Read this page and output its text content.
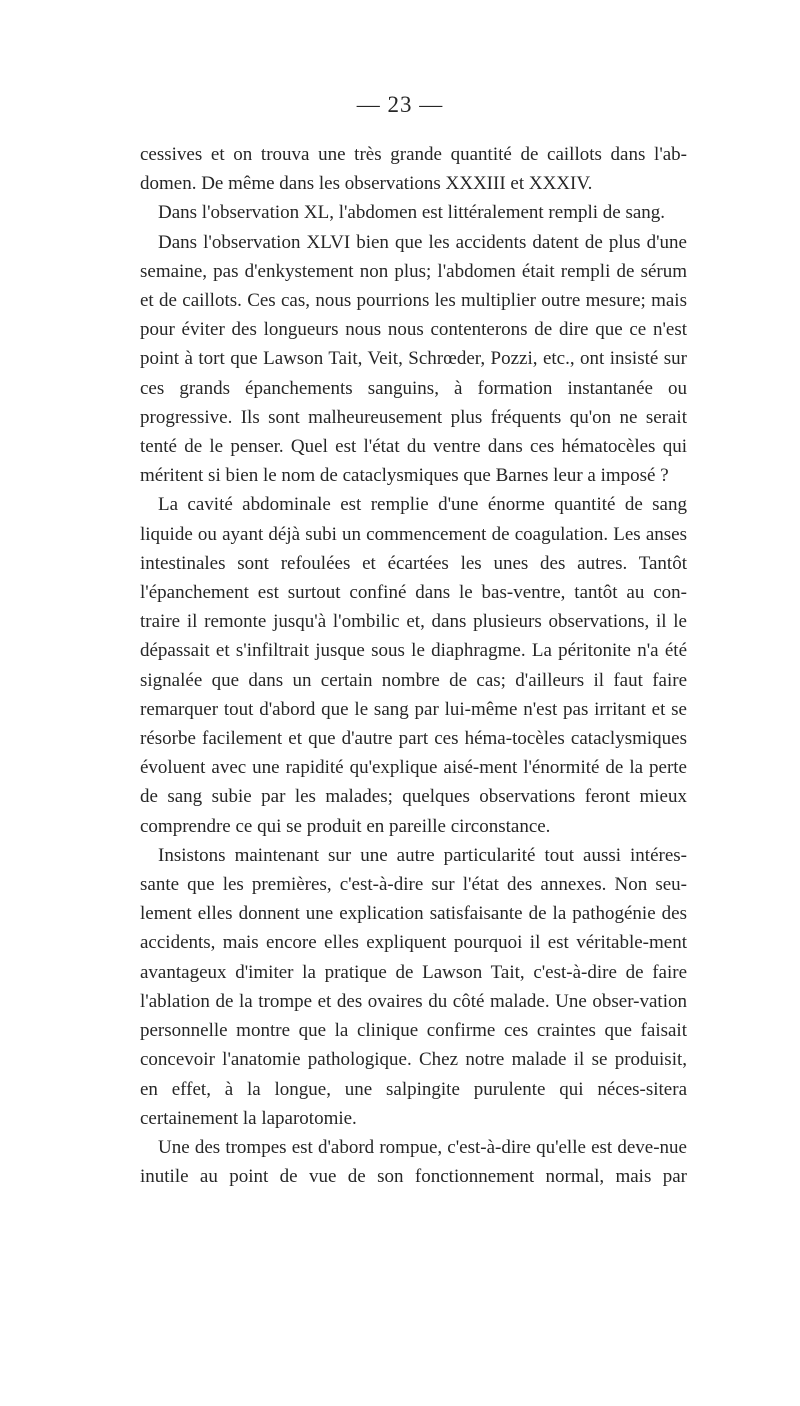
— 23 —

cessives et on trouva une très grande quantité de caillots dans l'ab-domen. De même dans les observations XXXIII et XXXIV.

Dans l'observation XL, l'abdomen est littéralement rempli de sang.

Dans l'observation XLVI bien que les accidents datent de plus d'une semaine, pas d'enkystement non plus; l'abdomen était rempli de sérum et de caillots. Ces cas, nous pourrions les multiplier outre mesure; mais pour éviter des longueurs nous nous contenterons de dire que ce n'est point à tort que Lawson Tait, Veit, Schrœder, Pozzi, etc., ont insisté sur ces grands épanchements sanguins, à formation instantanée ou progressive. Ils sont malheureusement plus fréquents qu'on ne serait tenté de le penser. Quel est l'état du ventre dans ces hématocèles qui méritent si bien le nom de cataclysmiques que Barnes leur a imposé ?

La cavité abdominale est remplie d'une énorme quantité de sang liquide ou ayant déjà subi un commencement de coagulation. Les anses intestinales sont refoulées et écartées les unes des autres. Tantôt l'épanchement est surtout confiné dans le bas-ventre, tantôt au con-traire il remonte jusqu'à l'ombilic et, dans plusieurs observations, il le dépassait et s'infiltrait jusque sous le diaphragme. La péritonite n'a été signalée que dans un certain nombre de cas; d'ailleurs il faut faire remarquer tout d'abord que le sang par lui-même n'est pas irritant et se résorbe facilement et que d'autre part ces héma-tocèles cataclysmiques évoluent avec une rapidité qu'explique aisé-ment l'énormité de la perte de sang subie par les malades; quelques observations feront mieux comprendre ce qui se produit en pareille circonstance.

Insistons maintenant sur une autre particularité tout aussi intéres-sante que les premières, c'est-à-dire sur l'état des annexes. Non seu-lement elles donnent une explication satisfaisante de la pathogénie des accidents, mais encore elles expliquent pourquoi il est véritable-ment avantageux d'imiter la pratique de Lawson Tait, c'est-à-dire de faire l'ablation de la trompe et des ovaires du côté malade. Une obser-vation personnelle montre que la clinique confirme ces craintes que faisait concevoir l'anatomie pathologique. Chez notre malade il se produisit, en effet, à la longue, une salpingite purulente qui néces-sitera certainement la laparotomie.

Une des trompes est d'abord rompue, c'est-à-dire qu'elle est deve-nue inutile au point de vue de son fonctionnement normal, mais par
